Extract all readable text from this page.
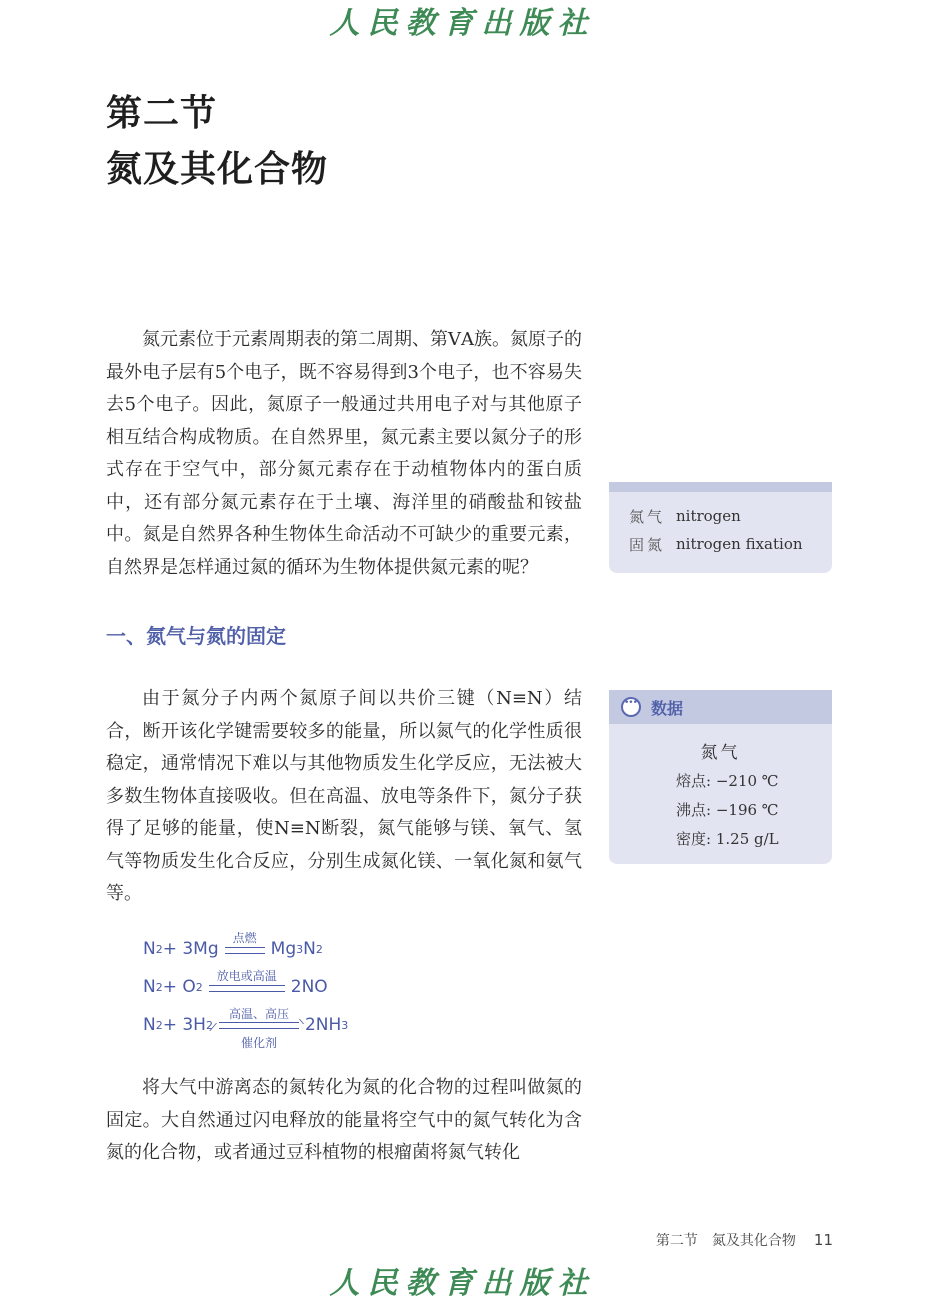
人民教育出版社
第二节
氮及其化合物

氮元素位于元素周期表的第二周期、第ⅤA族。氮原子的最外电子层有5个电子，既不容易得到3个电子，也不容易失去5个电子。因此，氮原子一般通过共用电子对与其他原子相互结合构成物质。在自然界里，氮元素主要以氮分子的形式存在于空气中，部分氮元素存在于动植物体内的蛋白质中，还有部分氮元素存在于土壤、海洋里的硝酸盐和铵盐中。氮是自然界各种生物体生命活动不可缺少的重要元素，自然界是怎样通过氮的循环为生物体提供氮元素的呢？

氮气 nitrogen
固氮 nitrogen fixation
一、氮气与氮的固定

由于氮分子内两个氮原子间以共价三键（N≡N）结合，断开该化学键需要较多的能量，所以氮气的化学性质很稳定，通常情况下难以与其他物质发生化学反应，无法被大多数生物体直接吸收。但在高温、放电等条件下，氮分子获得了足够的能量，使N≡N断裂，氮气能够与镁、氧气、氢气等物质发生化合反应，分别生成氮化镁、一氧化氮和氨气等。

•••
数据
氮气
熔点: −210 ℃
沸点: −196 ℃
密度: 1.25 g/L
N 2 + 3Mg
点燃
Mg 3 N 2
N 2 + O 2
放电或高温
2NO
N 2 + 3H 2
高温、高压
催化剂
2NH 3

将大气中游离态的氮转化为氮的化合物的过程叫做氮的固定。大自然通过闪电释放的能量将空气中的氮气转化为含氮的化合物，或者通过豆科植物的根瘤菌将氮气转化

第二节　氮及其化合物 11
人民教育出版社
